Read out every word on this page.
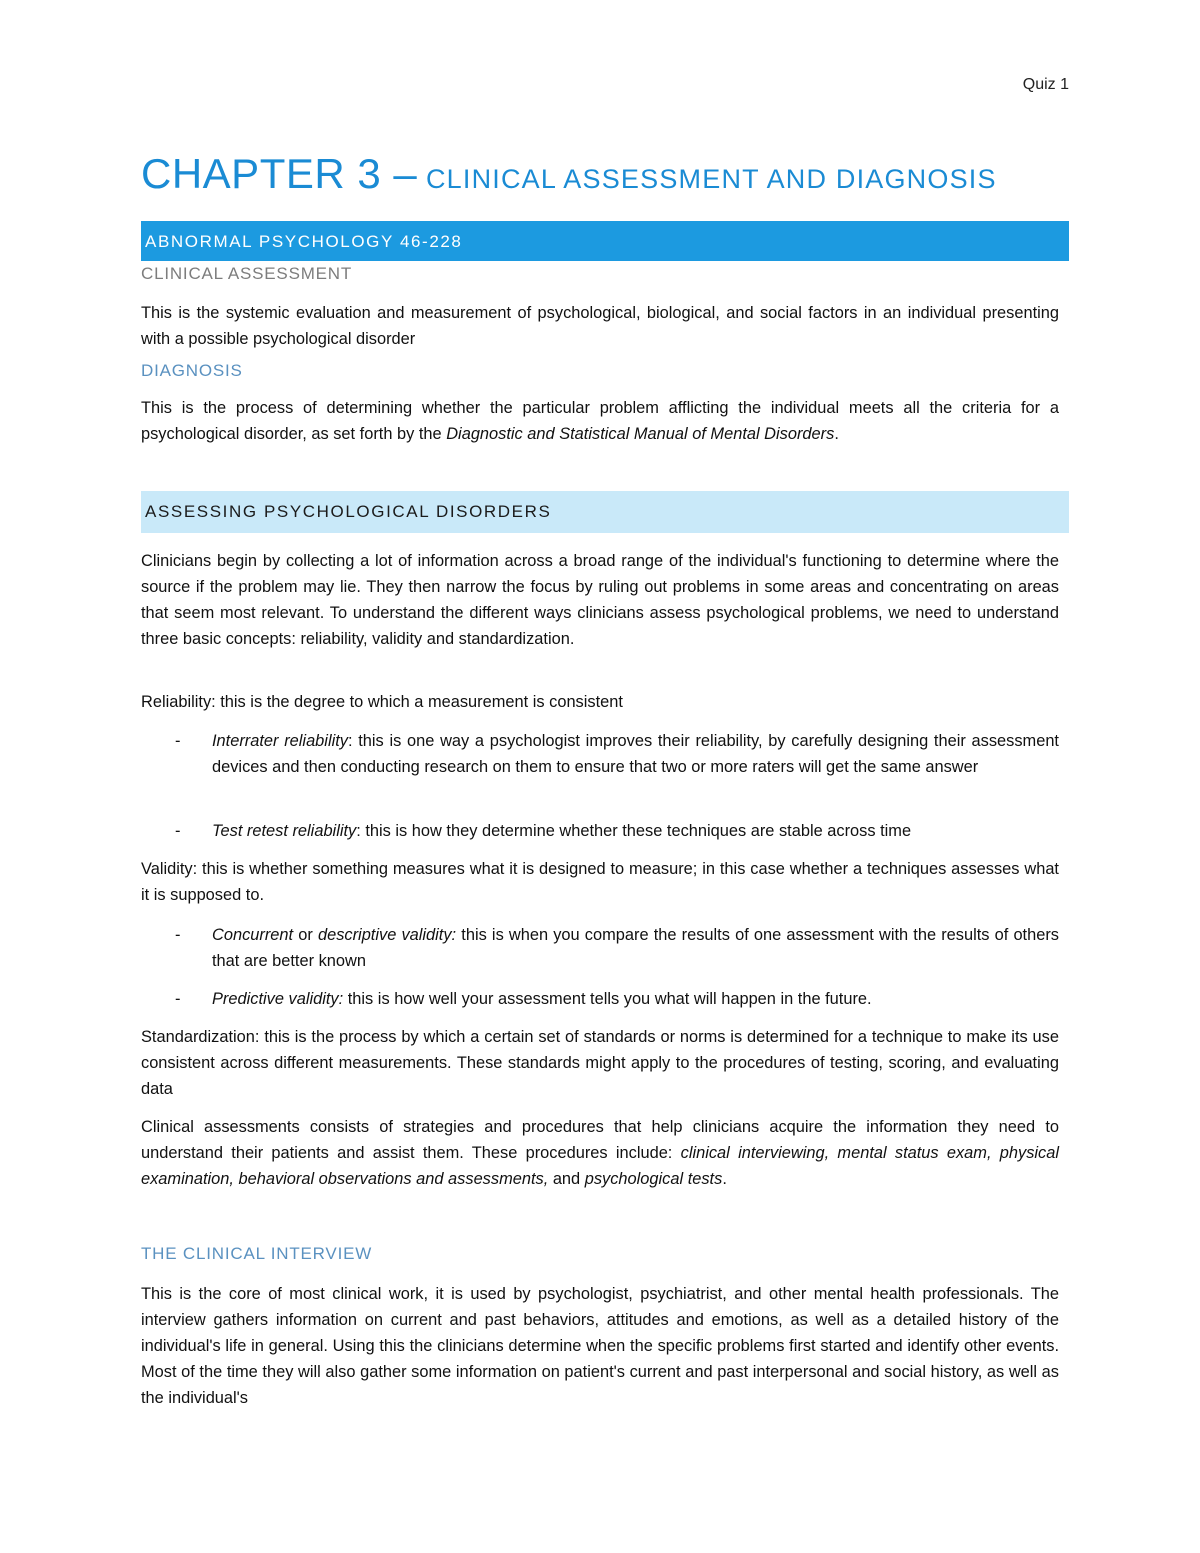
Quiz 1
CHAPTER 3 – CLINICAL ASSESSMENT AND DIAGNOSIS
ABNORMAL PSYCHOLOGY 46-228
CLINICAL ASSESSMENT

This is the systemic evaluation and measurement of psychological, biological, and social factors in an individual presenting with a possible psychological disorder

DIAGNOSIS

This is the process of determining whether the particular problem afflicting the individual meets all the criteria for a psychological disorder, as set forth by the Diagnostic and Statistical Manual of Mental Disorders.

ASSESSING PSYCHOLOGICAL DISORDERS

Clinicians begin by collecting a lot of information across a broad range of the individual's functioning to determine where the source if the problem may lie. They then narrow the focus by ruling out problems in some areas and concentrating on areas that seem most relevant. To understand the different ways clinicians assess psychological problems, we need to understand three basic concepts: reliability, validity and standardization.

Reliability: this is the degree to which a measurement is consistent

- Interrater reliability: this is one way a psychologist improves their reliability, by carefully designing their assessment devices and then conducting research on them to ensure that two or more raters will get the same answer
- Test retest reliability: this is how they determine whether these techniques are stable across time

Validity: this is whether something measures what it is designed to measure; in this case whether a techniques assesses what it is supposed to.

- Concurrent or descriptive validity: this is when you compare the results of one assessment with the results of others that are better known
- Predictive validity: this is how well your assessment tells you what will happen in the future.

Standardization: this is the process by which a certain set of standards or norms is determined for a technique to make its use consistent across different measurements. These standards might apply to the procedures of testing, scoring, and evaluating data

Clinical assessments consists of strategies and procedures that help clinicians acquire the information they need to understand their patients and assist them. These procedures include: clinical interviewing, mental status exam, physical examination, behavioral observations and assessments, and psychological tests.

THE CLINICAL INTERVIEW

This is the core of most clinical work, it is used by psychologist, psychiatrist, and other mental health professionals. The interview gathers information on current and past behaviors, attitudes and emotions, as well as a detailed history of the individual's life in general. Using this the clinicians determine when the specific problems first started and identify other events. Most of the time they will also gather some information on patient's current and past interpersonal and social history, as well as the individual's
